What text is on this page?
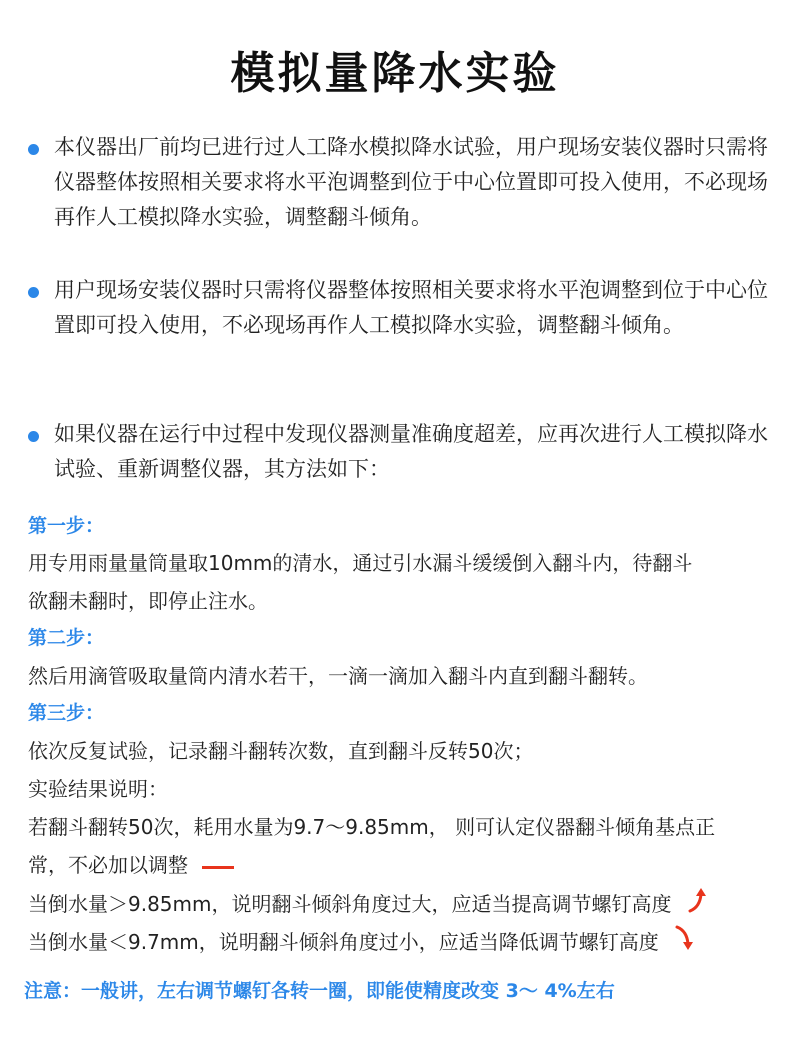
模拟量降水实验
本仪器出厂前均已进行过人工降水模拟降水试验，用户现场安装仪器时只需将仪器整体按照相关要求将水平泡调整到位于中心位置即可投入使用，不必现场再作人工模拟降水实验，调整翻斗倾角。
用户现场安装仪器时只需将仪器整体按照相关要求将水平泡调整到位于中心位置即可投入使用，不必现场再作人工模拟降水实验，调整翻斗倾角。
如果仪器在运行中过程中发现仪器测量准确度超差，应再次进行人工模拟降水试验、重新调整仪器，其方法如下：
第一步：
用专用雨量量筒量取10mm的清水，通过引水漏斗缓缓倒入翻斗内，待翻斗
欲翻未翻时，即停止注水。
第二步：
然后用滴管吸取量筒内清水若干，一滴一滴加入翻斗内直到翻斗翻转。
第三步：
依次反复试验，记录翻斗翻转次数，直到翻斗反转50次；
实验结果说明：
若翻斗翻转50次，耗用水量为9.7～9.85mm， 则可认定仪器翻斗倾角基点正
常，不必加以调整
当倒水量＞9.85mm，说明翻斗倾斜角度过大，应适当提高调节螺钉高度
当倒水量＜9.7mm，说明翻斗倾斜角度过小，应适当降低调节螺钉高度
注意：一般讲，左右调节螺钉各转一圈，即能使精度改变 3～ 4%左右
